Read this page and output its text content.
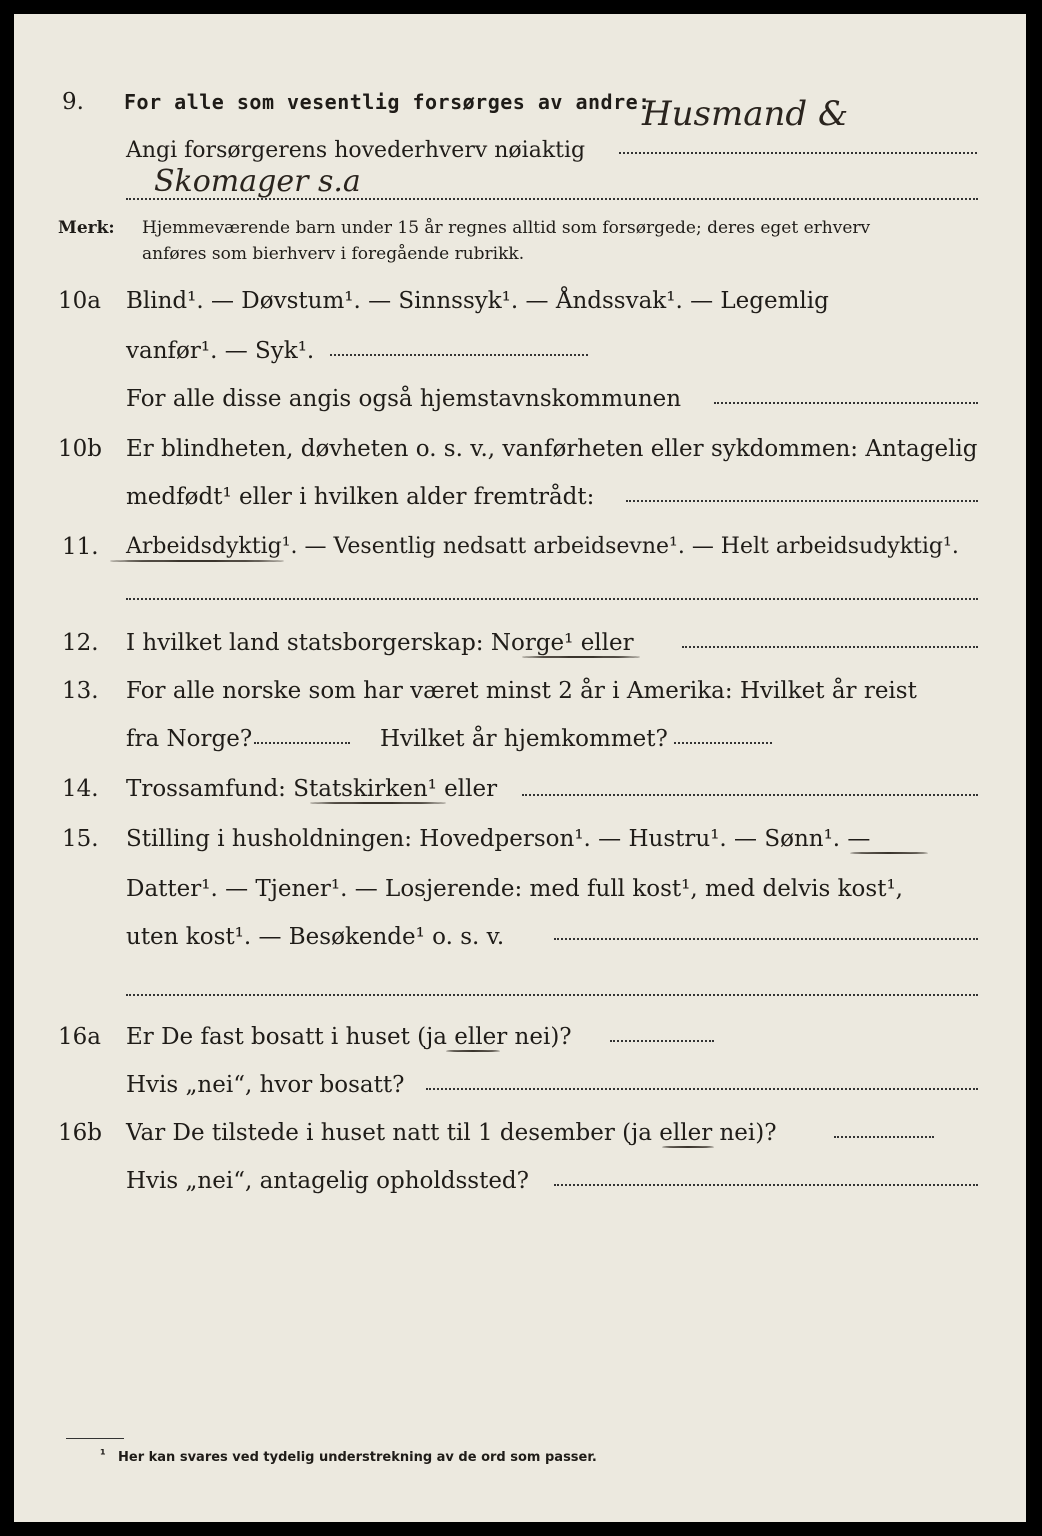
9. For alle som vesentlig forsørges av andre:
Husmand &
Angi forsørgerens hovederhverv nøiaktig
Skomager s.a
Merk: Hjemmeværende barn under 15 år regnes alltid som forsørgede; deres eget erhverv
anføres som bierhverv i foregående rubrikk.
10a Blind¹. — Døvstum¹. — Sinnssyk¹. — Åndssvak¹. — Legemlig
vanfør¹. — Syk¹.
For alle disse angis også hjemstavnskommunen
10b Er blindheten, døvheten o. s. v., vanførheten eller sykdommen: Antagelig
medfødt¹ eller i hvilken alder fremtrådt:
11. Arbeidsdyktig¹. — Vesentlig nedsatt arbeidsevne¹. — Helt arbeidsudyktig¹.
12. I hvilket land statsborgerskap: Norge¹ eller
13. For alle norske som har været minst 2 år i Amerika: Hvilket år reist
fra Norge?	Hvilket år hjemkommet?
14. Trossamfund: Statskirken¹ eller
15. Stilling i husholdningen: Hovedperson¹. — Hustru¹. — Sønn¹. —
Datter¹. — Tjener¹. — Losjerende: med full kost¹, med delvis kost¹,
uten kost¹. — Besøkende¹ o. s. v.
16a Er De fast bosatt i huset (ja eller nei)?
Hvis „nei“, hvor bosatt?
16b Var De tilstede i huset natt til 1 desember (ja eller nei)?
Hvis „nei“, antagelig opholdssted?
¹ Her kan svares ved tydelig understrekning av de ord som passer.
